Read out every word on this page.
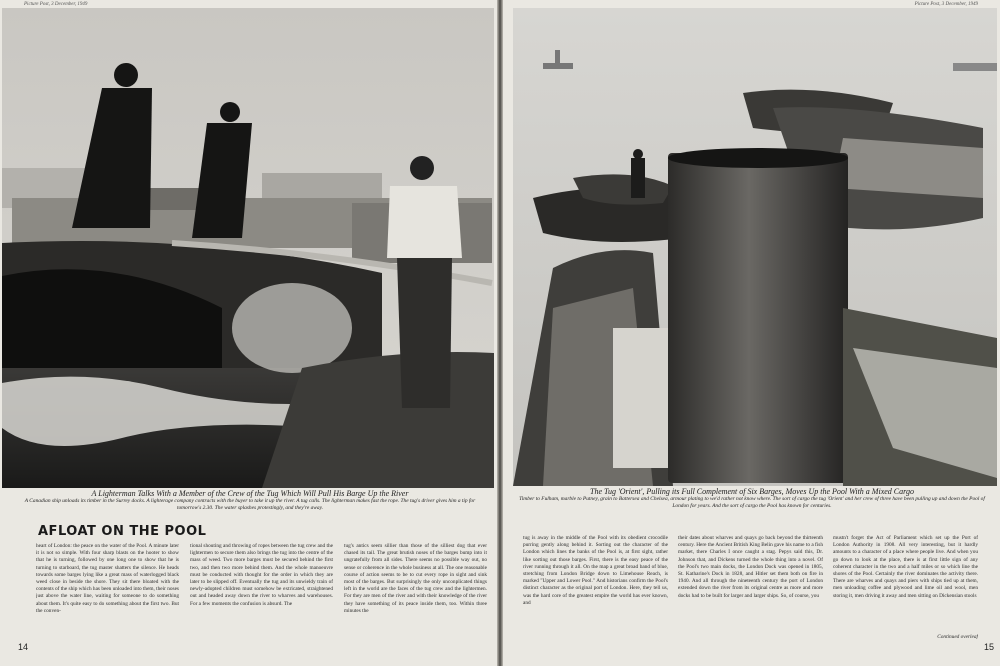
Picture Post, 3 December, 1949
A Lighterman Talks With a Member of the Crew of the Tug Which Will Pull His Barge Up the River
A Canadian ship unloads its timber in the Surrey docks. A lighterage company contracts with the buyer to take it up the river. A tug calls. The lighterman makes fast the rope. The tug's driver gives him a tip for tomorrow's 2.30. The water splashes protestingly, and they're away.
AFLOAT ON THE POOL

heart of London: the peace on the water of the Pool. A minute later it is not so simple. With four sharp blasts on the hooter to show that he is turning, followed by one long one to show that he is turning to starboard, the tug master shatters the silence. He heads towards some barges lying like a great mass of waterlogged black weed close in beside the shore. They sit there bloated with the contents of the ship which has been unloaded into them, their noses just above the water line, waiting for someone to do something about them. It's quite easy to do something about the first two. But the conven-

tional shouting and throwing of ropes between the tug crew and the lightermen to secure them also brings the tug into the centre of the mass of weed. Two more barges must be secured behind the first two, and then two more behind them. And the whole manoeuvre must be conducted with thought for the order in which they are later to be slipped off. Eventually the tug and its unwieldy train of newly-adopted children must somehow be extricated, straightened out and headed away down the river to wharves and warehouses. For a few moments the confusion is absurd. The

tug's antics seem sillier than those of the silliest dog that ever chased its tail. The great brutish noses of the barges bump into it ungratefully from all sides. There seems no possible way out, no sense or coherence in the whole business at all. The one reasonable course of action seems to be to cut every rope in sight and sink most of the barges. But surprisingly the only unconplicated things left in the world are the faces of the tug crew and the lightermen. For they are men of the river and with their knowledge of the river they have something of its peace inside them, too. Within three minutes the

14
Picture Post, 3 December, 1949
The Tug 'Orient', Pulling its Full Complement of Six Barges, Moves Up the Pool With a Mixed Cargo
Timber to Fulham, marble to Putney, grain to Battersea and Chelsea, armour plating to we'd rather not know where. The sort of cargo the tug 'Orient' and her crew of three have been pulling up and down the Pool of London for years. And the sort of cargo the Pool has known for centuries.

tug is away in the middle of the Pool with its obedient crocodile purring gently along behind it. Sorting out the character of the London which lines the banks of the Pool is, at first sight, rather like sorting out those barges. First, there is the easy peace of the river running through it all. On the map a great broad band of blue, stretching from London Bridge down to Limehouse Reach, is marked "Upper and Lower Pool." And historians confirm the Pool's distinct character as the original port of London. Here, they tell us, was the hard core of the greatest empire the world has ever known, and

their dates about wharves and quays go back beyond the thirteenth century. Here the Ancient British King Belin gave his name to a fish market, there Charles I once caught a stag. Pepys said this, Dr. Johnson that, and Dickens turned the whole thing into a novel. Of the Pool's two main docks, the London Dock was opened in 1805, St. Katharine's Dock in 1828, and Hitler set them both on fire in 1940. And all through the nineteenth century the port of London extended down the river from its original centre as more and more docks had to be built for larger and larger ships. So, of course, you

mustn't forget the Act of Parliament which set up the Port of London Authority in 1908. All very interesting, but it hardly amounts to a character of a place where people live. And when you go down to look at the place, there is at first little sign of any coherent character in the two and a half miles or so which line the shores of the Pool. Certainly the river dominates the activity there. There are wharves and quays and piers with ships tied up at them, men unloading coffee and plywood and lime oil and wool, men storing it, men driving it away and men sitting on Dickensian stools

Continued overleaf
15
